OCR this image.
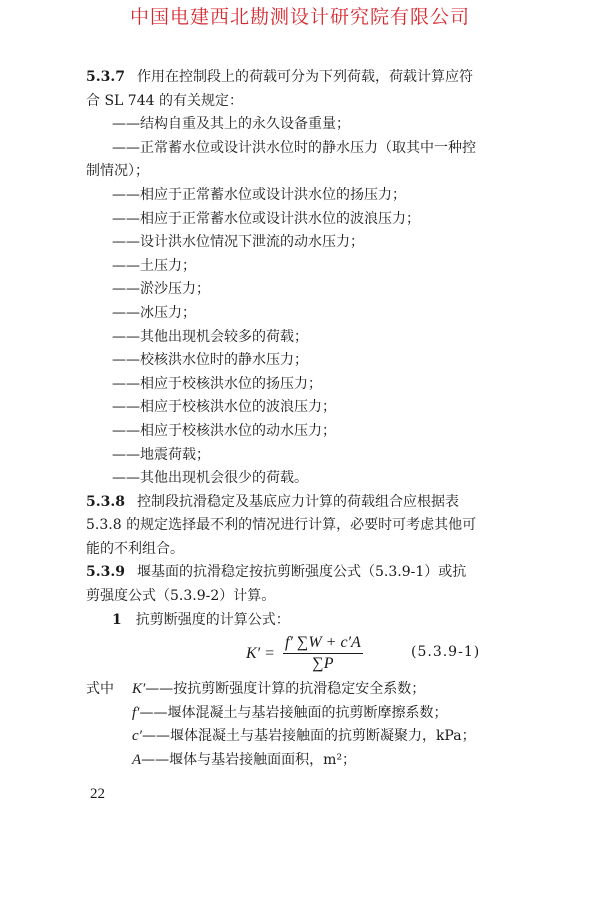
中国电建西北勘测设计研究院有限公司
5.3.7 作用在控制段上的荷载可分为下列荷载，荷载计算应符
合 SL 744 的有关规定：
——结构自重及其上的永久设备重量；
——正常蓄水位或设计洪水位时的静水压力（取其中一种控
制情况）；
——相应于正常蓄水位或设计洪水位的扬压力；
——相应于正常蓄水位或设计洪水位的波浪压力；
——设计洪水位情况下泄流的动水压力；
——土压力；
——淤沙压力；
——冰压力；
——其他出现机会较多的荷载；
——校核洪水位时的静水压力；
——相应于校核洪水位的扬压力；
——相应于校核洪水位的波浪压力；
——相应于校核洪水位的动水压力；
——地震荷载；
——其他出现机会很少的荷载。
5.3.8 控制段抗滑稳定及基底应力计算的荷载组合应根据表
5.3.8 的规定选择最不利的情况进行计算，必要时可考虑其他可
能的不利组合。
5.3.9 堰基面的抗滑稳定按抗剪断强度公式（5.3.9-1）或抗
剪强度公式（5.3.9-2）计算。
1 抗剪断强度的计算公式：
$K' = \frac{f' \sum W + c'A}{\sum P}$	(5.3.9-1)
式中	K′ ——按抗剪断强度计算的抗滑稳定安全系数；
f′ ——堰体混凝土与基岩接触面的抗剪断摩擦系数；
c′ ——堰体混凝土与基岩接触面的抗剪断凝聚力，kPa；
A ——堰体与基岩接触面面积，m²；
22
